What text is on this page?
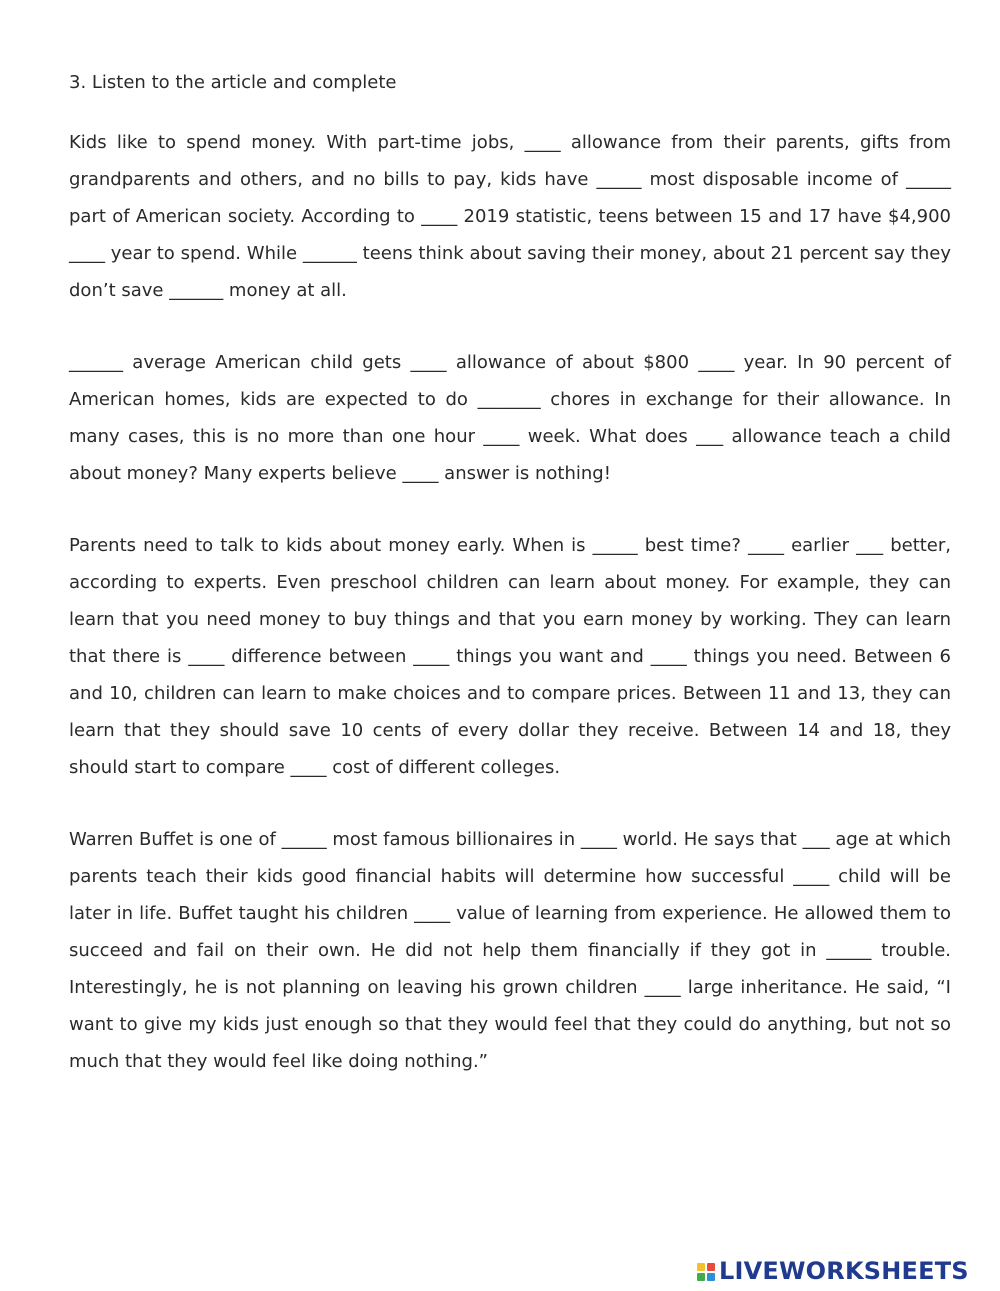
3. Listen to the article and complete

Kids like to spend money. With part-time jobs, ____ allowance from their parents, gifts from grandparents and others, and no bills to pay, kids have _____ most disposable income of _____ part of American society. According to ____ 2019 statistic, teens between 15 and 17 have $4,900 ____ year to spend. While ______ teens think about saving their money, about 21 percent say they don’t save ______ money at all.

______ average American child gets ____ allowance of about $800 ____ year. In 90 percent of American homes, kids are expected to do _______ chores in exchange for their allowance. In many cases, this is no more than one hour ____ week. What does ___ allowance teach a child about money? Many experts believe ____ answer is nothing!

Parents need to talk to kids about money early. When is _____ best time? ____ earlier ___ better, according to experts. Even preschool children can learn about money. For example, they can learn that you need money to buy things and that you earn money by working. They can learn that there is ____ difference between ____ things you want and ____ things you need. Between 6 and 10, children can learn to make choices and to compare prices. Between 11 and 13, they can learn that they should save 10 cents of every dollar they receive. Between 14 and 18, they should start to compare ____ cost of different colleges.

Warren Buffet is one of _____ most famous billionaires in ____ world. He says that ___ age at which parents teach their kids good financial habits will determine how successful ____ child will be later in life. Buffet taught his children ____ value of learning from experience. He allowed them to succeed and fail on their own. He did not help them financially if they got in _____ trouble. Interestingly, he is not planning on leaving his grown children ____ large inheritance. He said, “I want to give my kids just enough so that they would feel that they could do anything, but not so much that they would feel like doing nothing.”

LIVEWORKSHEETS
